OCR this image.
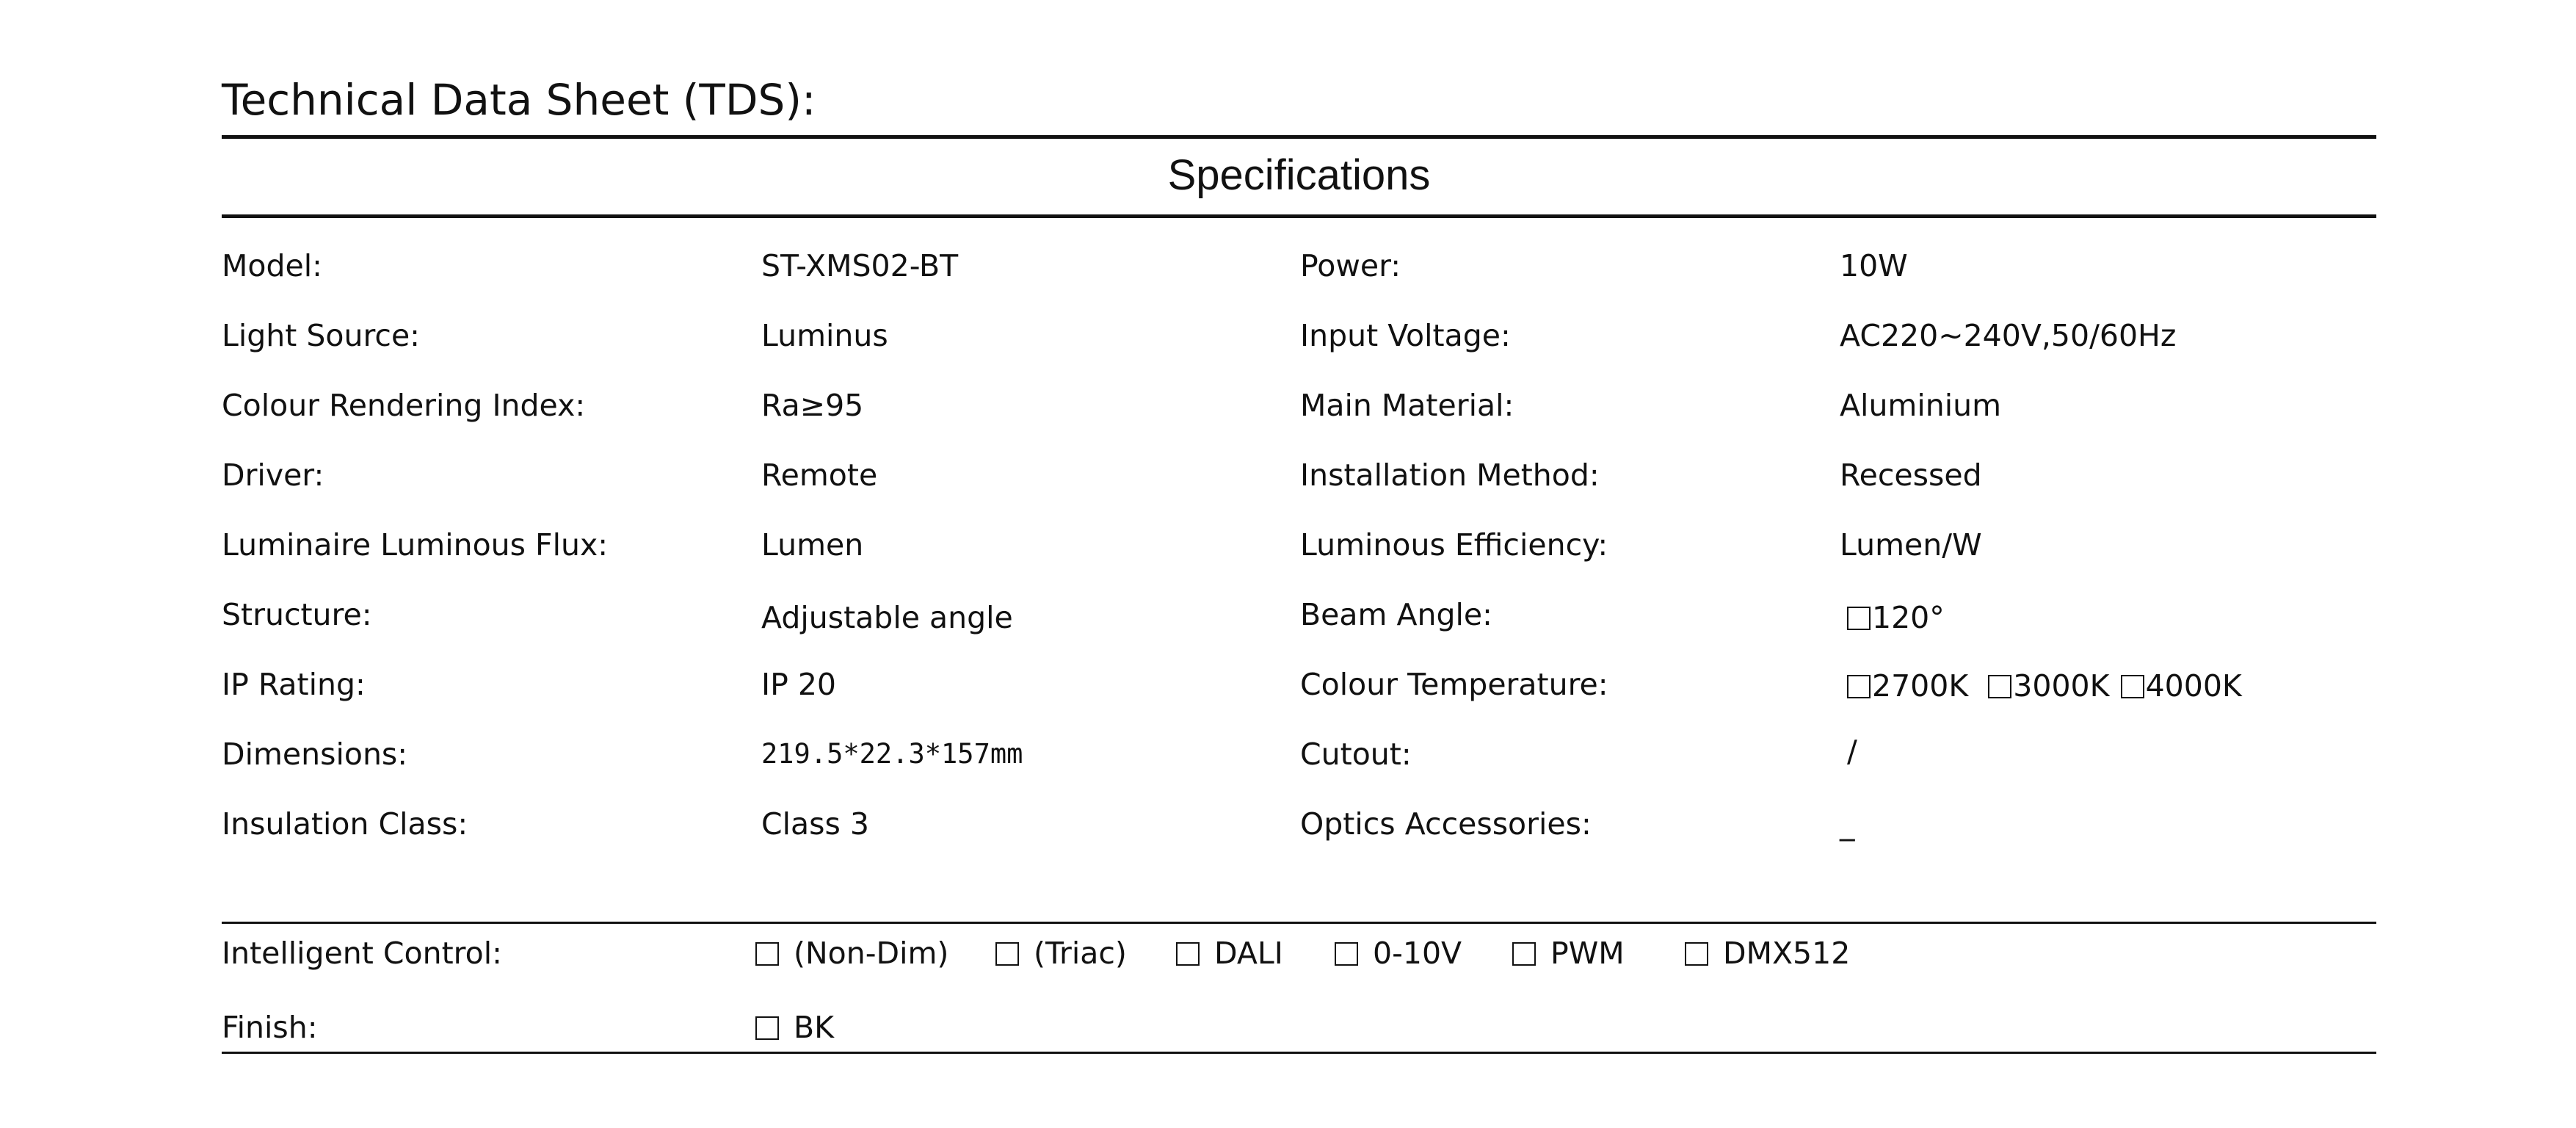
Technical Data Sheet (TDS):
Specifications
Model:	ST-XMS02-BT	Power:	10W
Light Source:	Luminus	Input Voltage:	AC220~240V,50/60Hz
Colour Rendering Index:	Ra≥95	Main Material:	Aluminium
Driver:	Remote	Installation Method:	Recessed
Luminaire Luminous Flux:	Lumen	Luminous Efficiency:	Lumen/W
Structure:	Adjustable angle	Beam Angle:	120°
IP Rating:	IP 20	Colour Temperature:	2700K 3000K 4000K
Dimensions:	219.5*22.3*157mm	Cutout:	/
Insulation Class:	Class 3	Optics Accessories:	_
Intelligent Control:	(Non-Dim)	(Triac)	DALI	0-10V	PWM	DMX512
Finish:	BK
